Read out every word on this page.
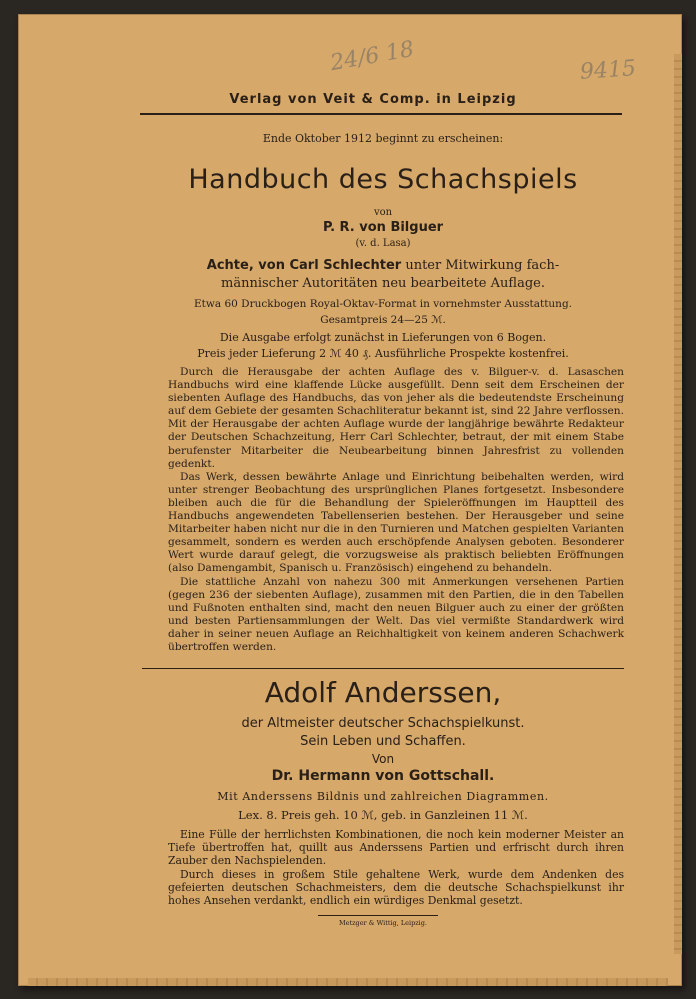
24/6 18	9415
Verlag von Veit & Comp. in Leipzig
Ende Oktober 1912 beginnt zu erscheinen:
Handbuch des Schachspiels
von
P. R. von Bilguer
(v. d. Lasa)
Achte, von Carl Schlechter unter Mitwirkung fach-
männischer Autoritäten neu bearbeitete Auflage.
Etwa 60 Druckbogen Royal-Oktav-Format in vornehmster Ausstattung.
Gesamtpreis 24—25 ℳ.
Die Ausgabe erfolgt zunächst in Lieferungen von 6 Bogen.
Preis jeder Lieferung 2 ℳ 40 ₰. Ausführliche Prospekte kostenfrei.

Durch die Herausgabe der achten Auflage des v. Bilguer-v. d. Lasaschen Handbuchs wird eine klaffende Lücke ausgefüllt. Denn seit dem Erscheinen der siebenten Auflage des Handbuchs, das von jeher als die bedeutendste Erscheinung auf dem Gebiete der gesamten Schachliteratur bekannt ist, sind 22 Jahre verflossen. Mit der Herausgabe der achten Auflage wurde der langjährige bewährte Redakteur der Deutschen Schachzeitung, Herr Carl Schlechter, betraut, der mit einem Stabe berufenster Mitarbeiter die Neubearbeitung binnen Jahresfrist zu vollenden gedenkt.

Das Werk, dessen bewährte Anlage und Einrichtung beibehalten werden, wird unter strenger Beobachtung des ursprünglichen Planes fortgesetzt. Insbesondere bleiben auch die für die Behandlung der Spieleröffnungen im Hauptteil des Handbuchs angewendeten Tabellenserien bestehen. Der Herausgeber und seine Mitarbeiter haben nicht nur die in den Turnieren und Matchen gespielten Varianten gesammelt, sondern es werden auch erschöpfende Analysen geboten. Besonderer Wert wurde darauf gelegt, die vorzugsweise als praktisch beliebten Eröffnungen (also Damengambit, Spanisch u. Französisch) eingehend zu behandeln.

Die stattliche Anzahl von nahezu 300 mit Anmerkungen versehenen Partien (gegen 236 der siebenten Auflage), zusammen mit den Partien, die in den Tabellen und Fußnoten enthalten sind, macht den neuen Bilguer auch zu einer der größten und besten Partiensammlungen der Welt. Das viel vermißte Standardwerk wird daher in seiner neuen Auflage an Reichhaltigkeit von keinem anderen Schachwerk übertroffen werden.

Adolf Anderssen,
der Altmeister deutscher Schachspielkunst.
Sein Leben und Schaffen.
Von
Dr. Hermann von Gottschall.
Mit Anderssens Bildnis und zahlreichen Diagrammen.
Lex. 8. Preis geh. 10 ℳ, geb. in Ganzleinen 11 ℳ.

Eine Fülle der herrlichsten Kombinationen, die noch kein moderner Meister an Tiefe übertroffen hat, quillt aus Anderssens Partien und erfrischt durch ihren Zauber den Nachspielenden.

Durch dieses in großem Stile gehaltene Werk, wurde dem Andenken des gefeierten deutschen Schachmeisters, dem die deutsche Schachspielkunst ihr hohes Ansehen verdankt, endlich ein würdiges Denkmal gesetzt.

Metzger & Wittig, Leipzig.
